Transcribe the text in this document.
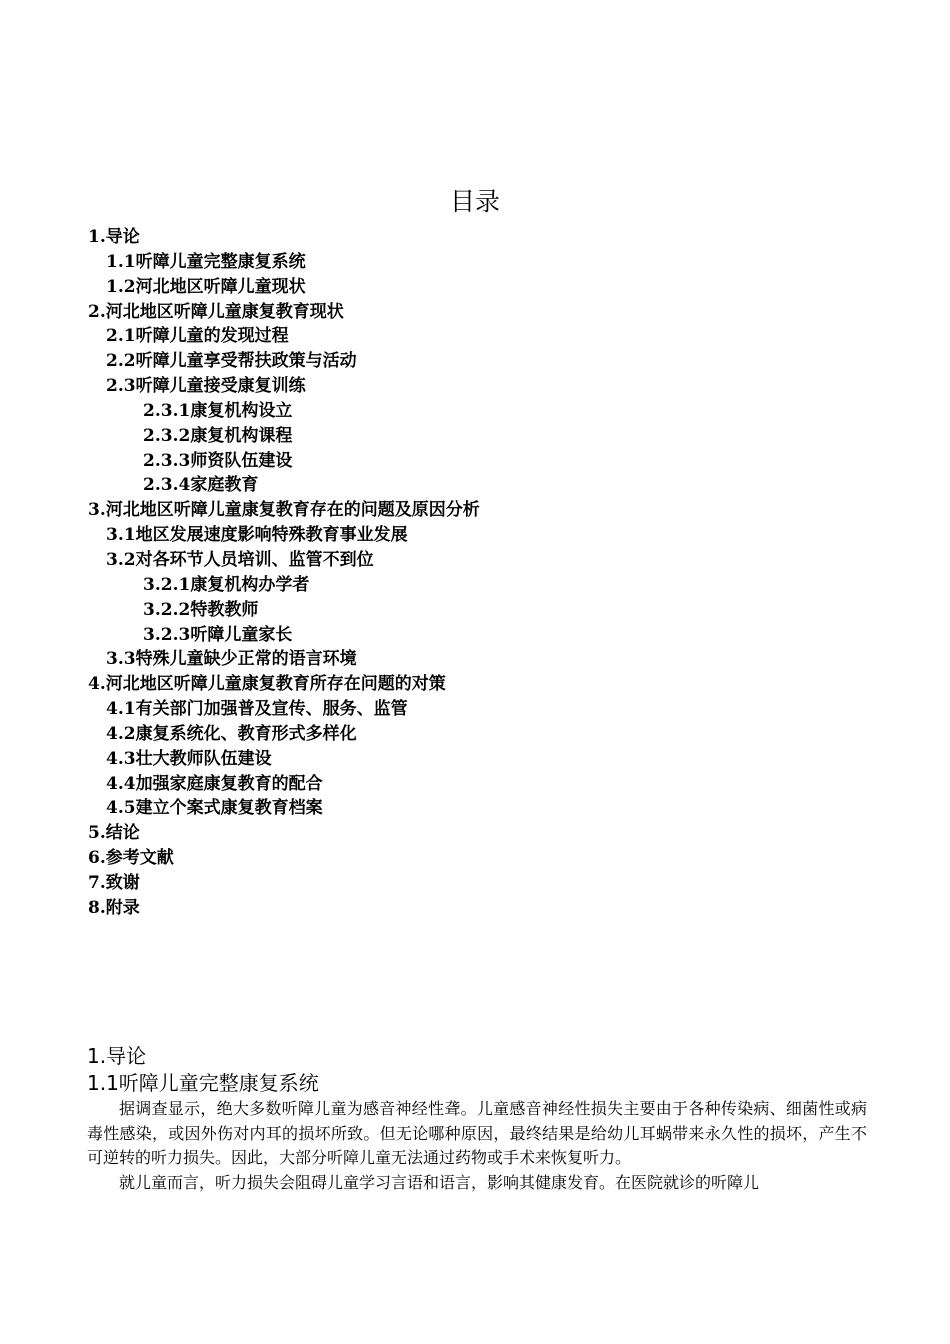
目录
1.导论
1.1听障儿童完整康复系统
1.2河北地区听障儿童现状
2.河北地区听障儿童康复教育现状
2.1听障儿童的发现过程
2.2听障儿童享受帮扶政策与活动
2.3听障儿童接受康复训练
2.3.1康复机构设立
2.3.2康复机构课程
2.3.3师资队伍建设
2.3.4家庭教育
3.河北地区听障儿童康复教育存在的问题及原因分析
3.1地区发展速度影响特殊教育事业发展
3.2对各环节人员培训、监管不到位
3.2.1康复机构办学者
3.2.2特教教师
3.2.3听障儿童家长
3.3特殊儿童缺少正常的语言环境
4.河北地区听障儿童康复教育所存在问题的对策
4.1有关部门加强普及宣传、服务、监管
4.2康复系统化、教育形式多样化
4.3壮大教师队伍建设
4.4加强家庭康复教育的配合
4.5建立个案式康复教育档案
5.结论
6.参考文献
7.致谢
8.附录
1.导论
1.1听障儿童完整康复系统

据调查显示，绝大多数听障儿童为感音神经性聋。儿童感音神经性损失主要由于各种传染病、细菌性或病毒性感染，或因外伤对内耳的损坏所致。但无论哪种原因，最终结果是给幼儿耳蜗带来永久性的损坏，产生不可逆转的听力损失。因此，大部分听障儿童无法通过药物或手术来恢复听力。

就儿童而言，听力损失会阻碍儿童学习言语和语言，影响其健康发育。在医院就诊的听障儿
